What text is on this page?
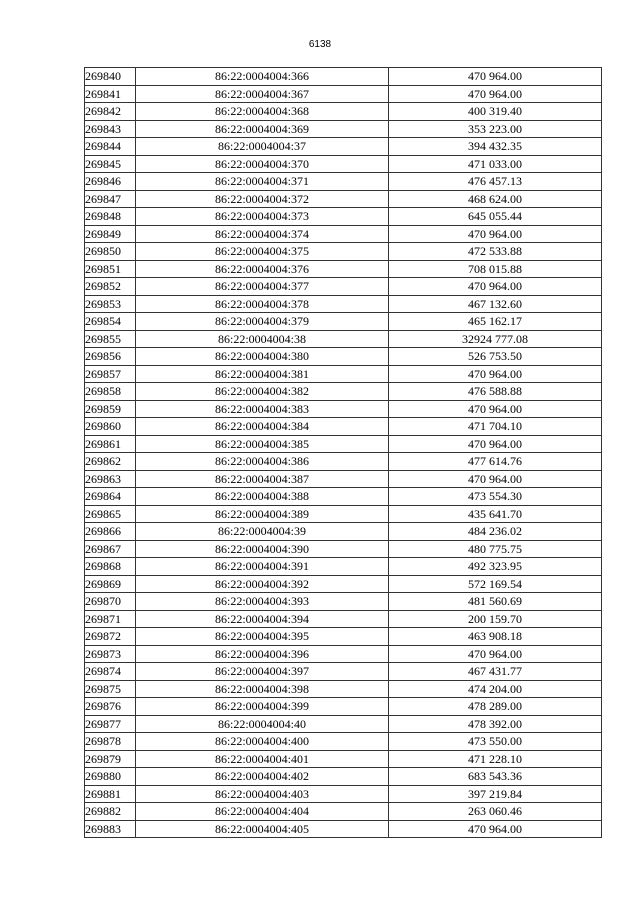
6138
269840	86:22:0004004:366	470 964.00
269841	86:22:0004004:367	470 964.00
269842	86:22:0004004:368	400 319.40
269843	86:22:0004004:369	353 223.00
269844	86:22:0004004:37	394 432.35
269845	86:22:0004004:370	471 033.00
269846	86:22:0004004:371	476 457.13
269847	86:22:0004004:372	468 624.00
269848	86:22:0004004:373	645 055.44
269849	86:22:0004004:374	470 964.00
269850	86:22:0004004:375	472 533.88
269851	86:22:0004004:376	708 015.88
269852	86:22:0004004:377	470 964.00
269853	86:22:0004004:378	467 132.60
269854	86:22:0004004:379	465 162.17
269855	86:22:0004004:38	32924 777.08
269856	86:22:0004004:380	526 753.50
269857	86:22:0004004:381	470 964.00
269858	86:22:0004004:382	476 588.88
269859	86:22:0004004:383	470 964.00
269860	86:22:0004004:384	471 704.10
269861	86:22:0004004:385	470 964.00
269862	86:22:0004004:386	477 614.76
269863	86:22:0004004:387	470 964.00
269864	86:22:0004004:388	473 554.30
269865	86:22:0004004:389	435 641.70
269866	86:22:0004004:39	484 236.02
269867	86:22:0004004:390	480 775.75
269868	86:22:0004004:391	492 323.95
269869	86:22:0004004:392	572 169.54
269870	86:22:0004004:393	481 560.69
269871	86:22:0004004:394	200 159.70
269872	86:22:0004004:395	463 908.18
269873	86:22:0004004:396	470 964.00
269874	86:22:0004004:397	467 431.77
269875	86:22:0004004:398	474 204.00
269876	86:22:0004004:399	478 289.00
269877	86:22:0004004:40	478 392.00
269878	86:22:0004004:400	473 550.00
269879	86:22:0004004:401	471 228.10
269880	86:22:0004004:402	683 543.36
269881	86:22:0004004:403	397 219.84
269882	86:22:0004004:404	263 060.46
269883	86:22:0004004:405	470 964.00
